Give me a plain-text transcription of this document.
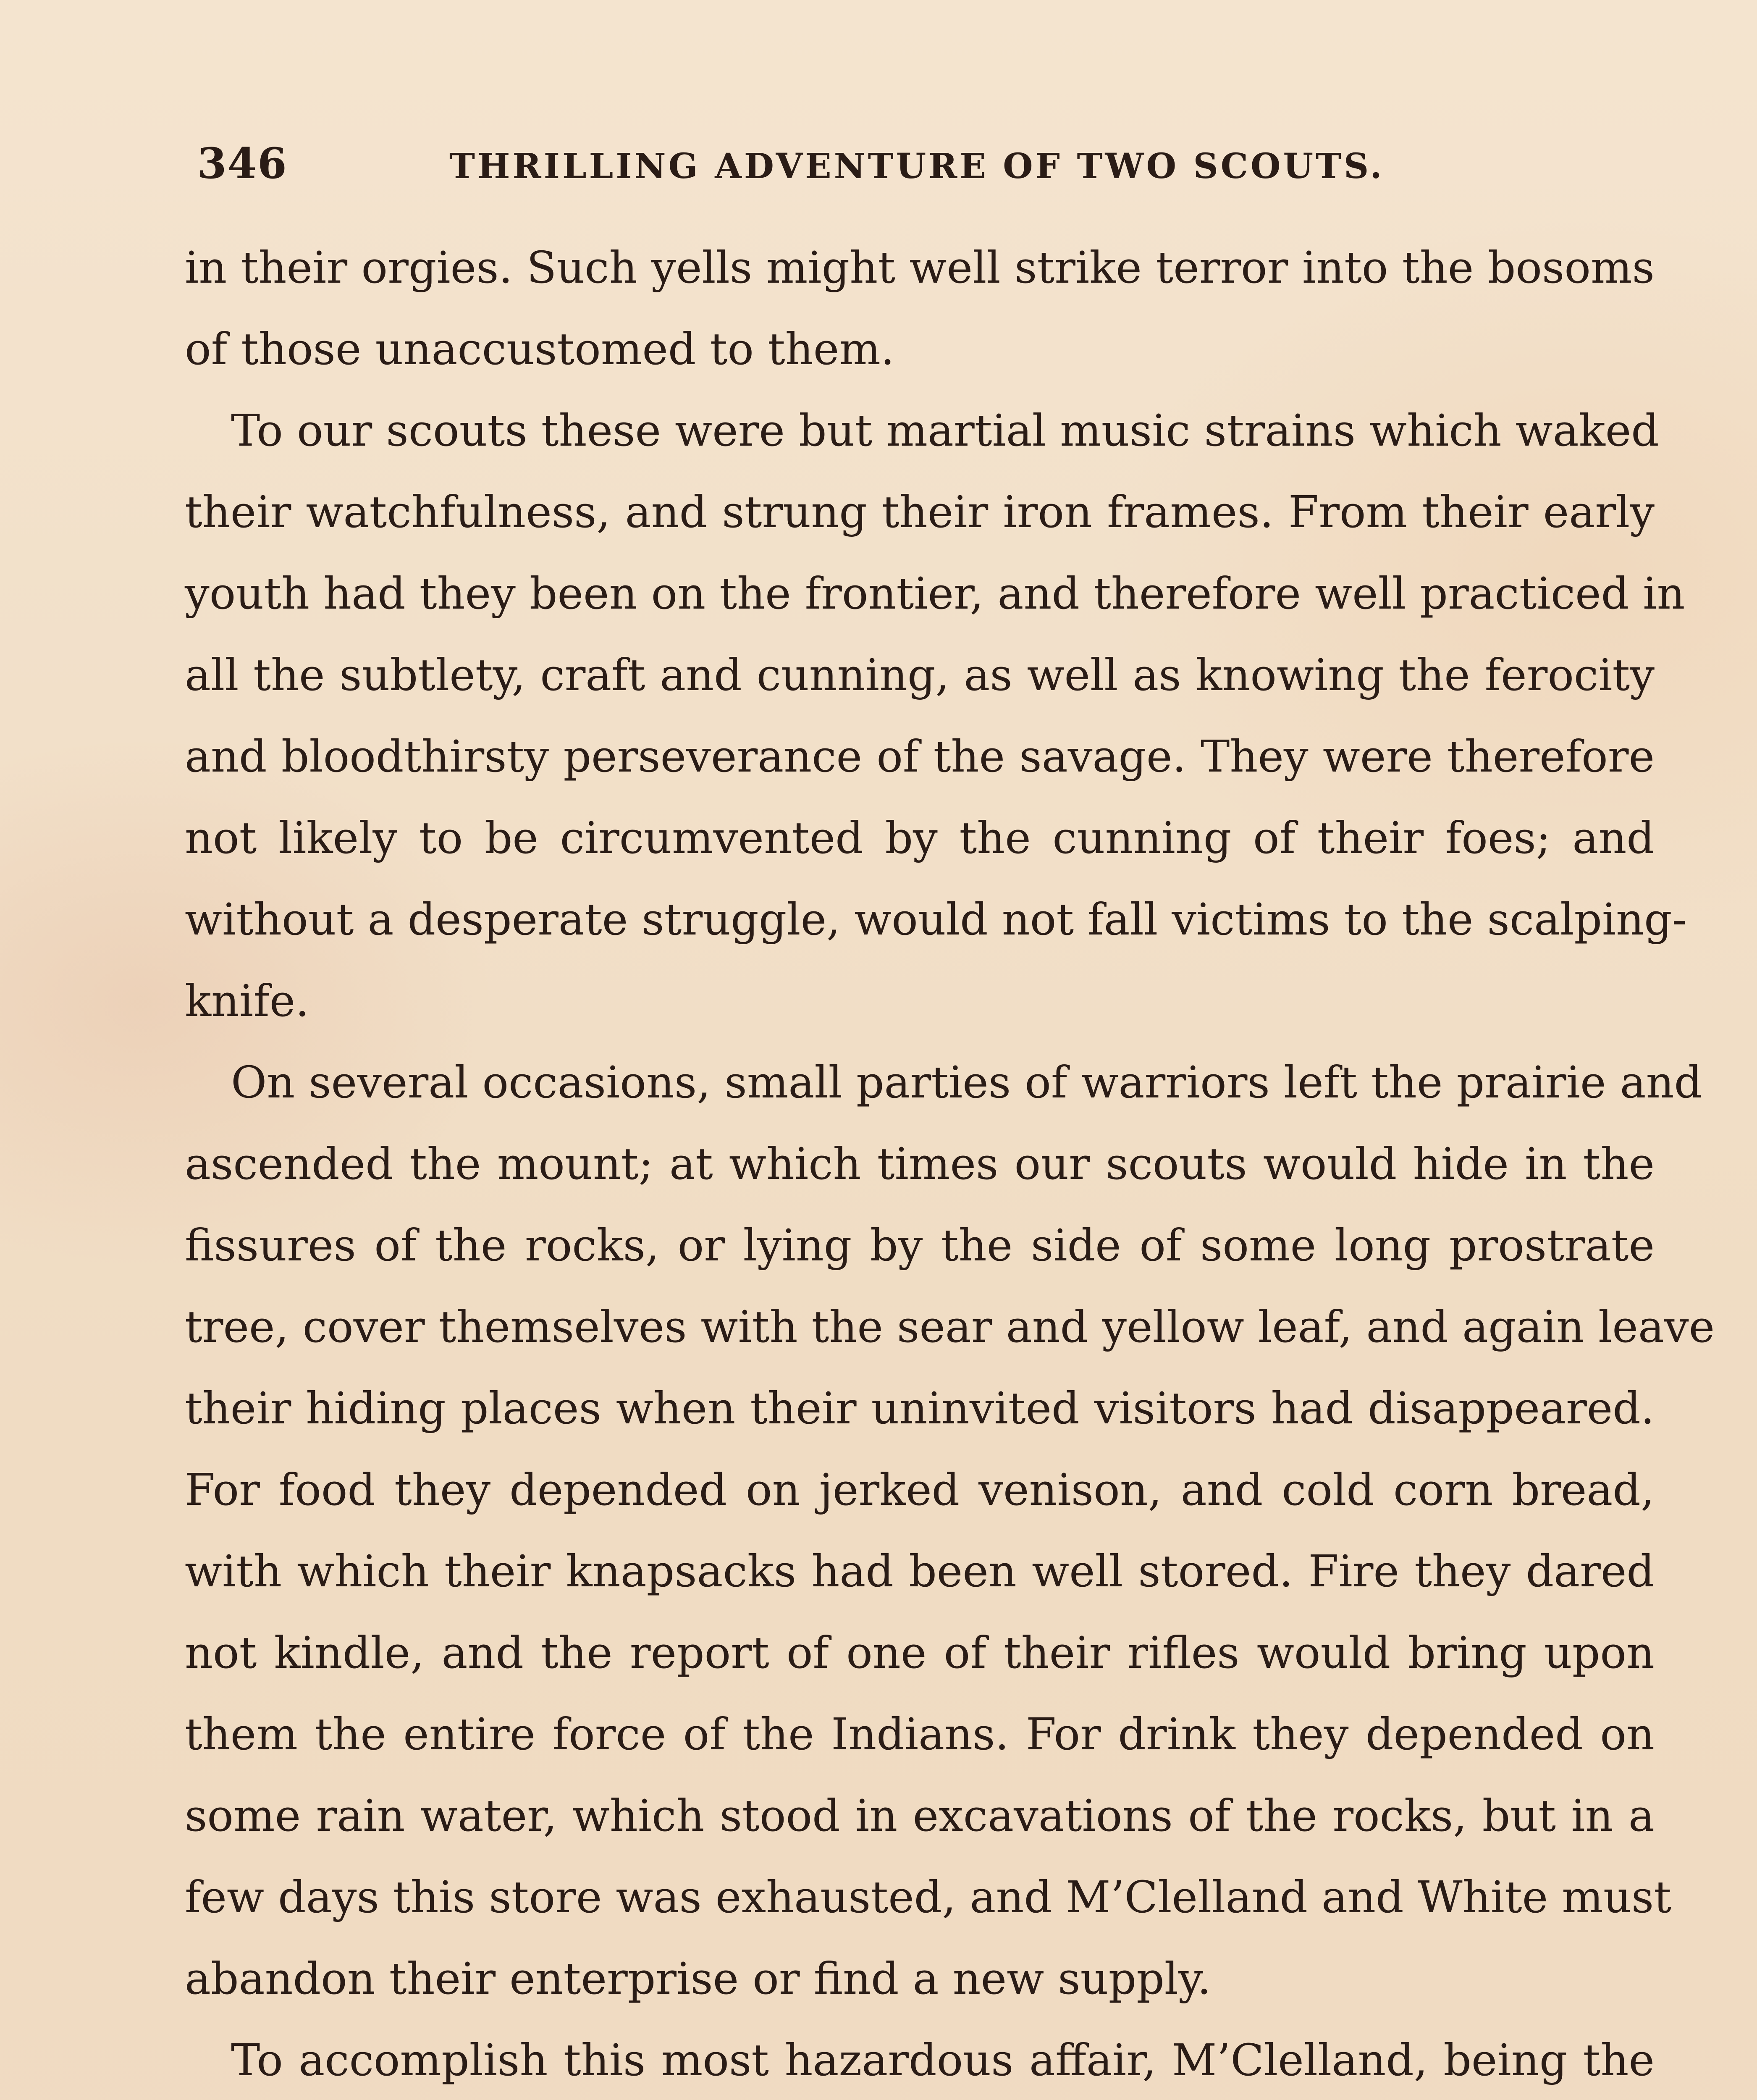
346	THRILLING ADVENTURE OF TWO SCOUTS.
in their orgies. Such yells might well strike terror into the bosoms
of those unaccustomed to them.
To our scouts these were but martial music strains which waked
their watchfulness, and strung their iron frames. From their early
youth had they been on the frontier, and therefore well practiced in
all the subtlety, craft and cunning, as well as knowing the ferocity
and bloodthirsty perseverance of the savage. They were therefore
not likely to be circumvented by the cunning of their foes; and
without a desperate struggle, would not fall victims to the scalping-
knife.
On several occasions, small parties of warriors left the prairie and
ascended the mount; at which times our scouts would hide in the
fissures of the rocks, or lying by the side of some long prostrate
tree, cover themselves with the sear and yellow leaf, and again leave
their hiding places when their uninvited visitors had disappeared.
For food they depended on jerked venison, and cold corn bread,
with which their knapsacks had been well stored. Fire they dared
not kindle, and the report of one of their rifles would bring upon
them the entire force of the Indians. For drink they depended on
some rain water, which stood in excavations of the rocks, but in a
few days this store was exhausted, and M’Clelland and White must
abandon their enterprise or find a new supply.
To accomplish this most hazardous affair, M’Clelland, being the
